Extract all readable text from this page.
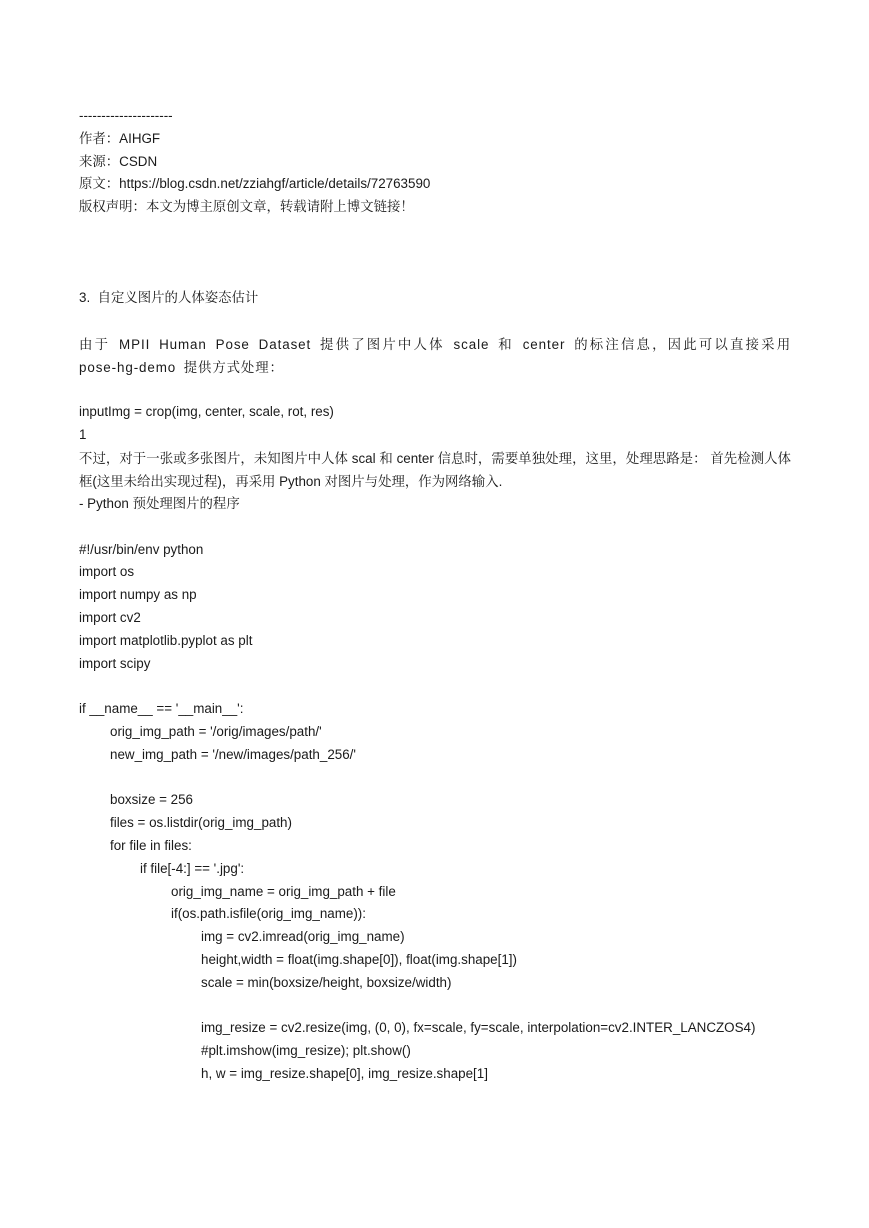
---------------------
作者：AIHGF
来源：CSDN
原文：https://blog.csdn.net/zziahgf/article/details/72763590
版权声明：本文为博主原创文章，转载请附上博文链接！
3.  自定义图片的人体姿态估计
由于 MPII Human Pose Dataset 提供了图片中人体 scale 和 center 的标注信息，因此可以直接采用 pose-hg-demo 提供方式处理：
inputImg = crop(img, center, scale, rot, res)
1
不过，对于一张或多张图片，未知图片中人体 scal 和 center 信息时，需要单独处理，这里，处理思路是： 首先检测人体框(这里未给出实现过程)，再采用 Python 对图片与处理，作为网络输入.
- Python 预处理图片的程序
#!/usr/bin/env python
import os
import numpy as np
import cv2
import matplotlib.pyplot as plt
import scipy
if __name__ == '__main__':
orig_img_path = '/orig/images/path/'
new_img_path = '/new/images/path_256/'
boxsize = 256
files = os.listdir(orig_img_path)
for file in files:
if file[-4:] == '.jpg':
orig_img_name = orig_img_path + file
if(os.path.isfile(orig_img_name)):
img = cv2.imread(orig_img_name)
height,width = float(img.shape[0]), float(img.shape[1])
scale = min(boxsize/height, boxsize/width)
img_resize = cv2.resize(img, (0, 0), fx=scale, fy=scale, interpolation=cv2.INTER_LANCZOS4)
#plt.imshow(img_resize); plt.show()
h, w = img_resize.shape[0], img_resize.shape[1]
